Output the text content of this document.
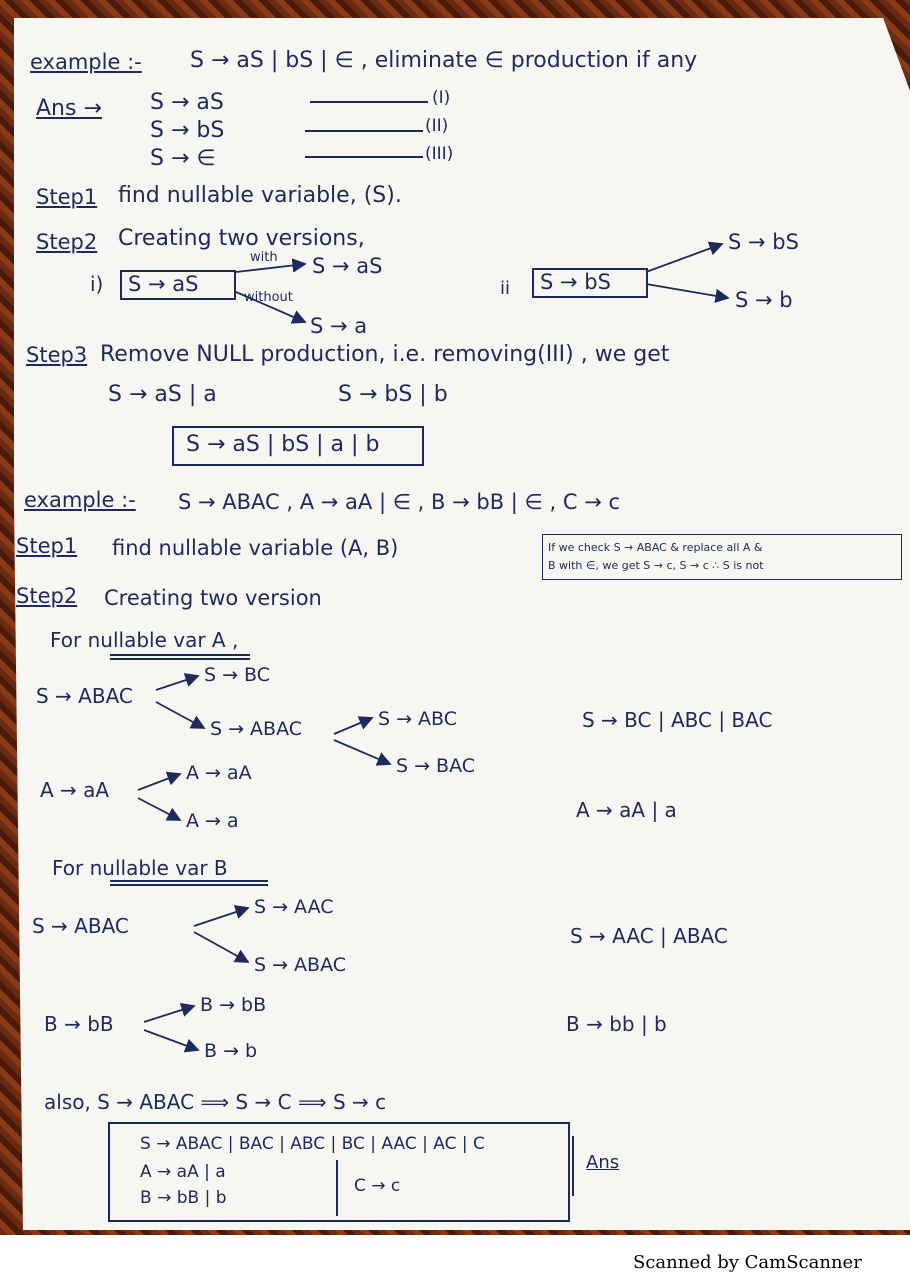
example :- S → aS | bS | ∈ , eliminate ∈ production if any
Ans → S → aS
S → bS
S → ∈
(I)
(II)
(III)
Step1 find nullable variable, (S).
Step2 Creating two versions,
i) S → aS
with
without
S → aS
S → a
ii S → bS
S → bS
S → b
Step3 Remove NULL production, i.e. removing(III) , we get
S → aS | a	S → bS | b
S → aS | bS | a | b
example :- S → ABAC , A → aA | ∈ , B → bB | ∈ , C → c
Step1 find nullable variable (A, B)	If we check S → ABAC & replace all A &
B with ∈, we get S → c, S → c ∴ S is not
Step2 Creating two version
For nullable var A ,
S → ABAC
S → BC
S → ABAC	S → ABC
S → BAC
S → BC | ABC | BAC
A → aA
A → aA
A → a	A → aA | a
For nullable var B
S → ABAC
S → AAC
S → ABAC
S → AAC | ABAC
B → bB
B → bB
B → b
B → bb | b
also, S → ABAC ⟹ S → C ⟹ S → c
S → ABAC | BAC | ABC | BC | AAC | AC | C
A → aA | a
B → bB | b
C → c
Ans
Scanned by CamScanner
